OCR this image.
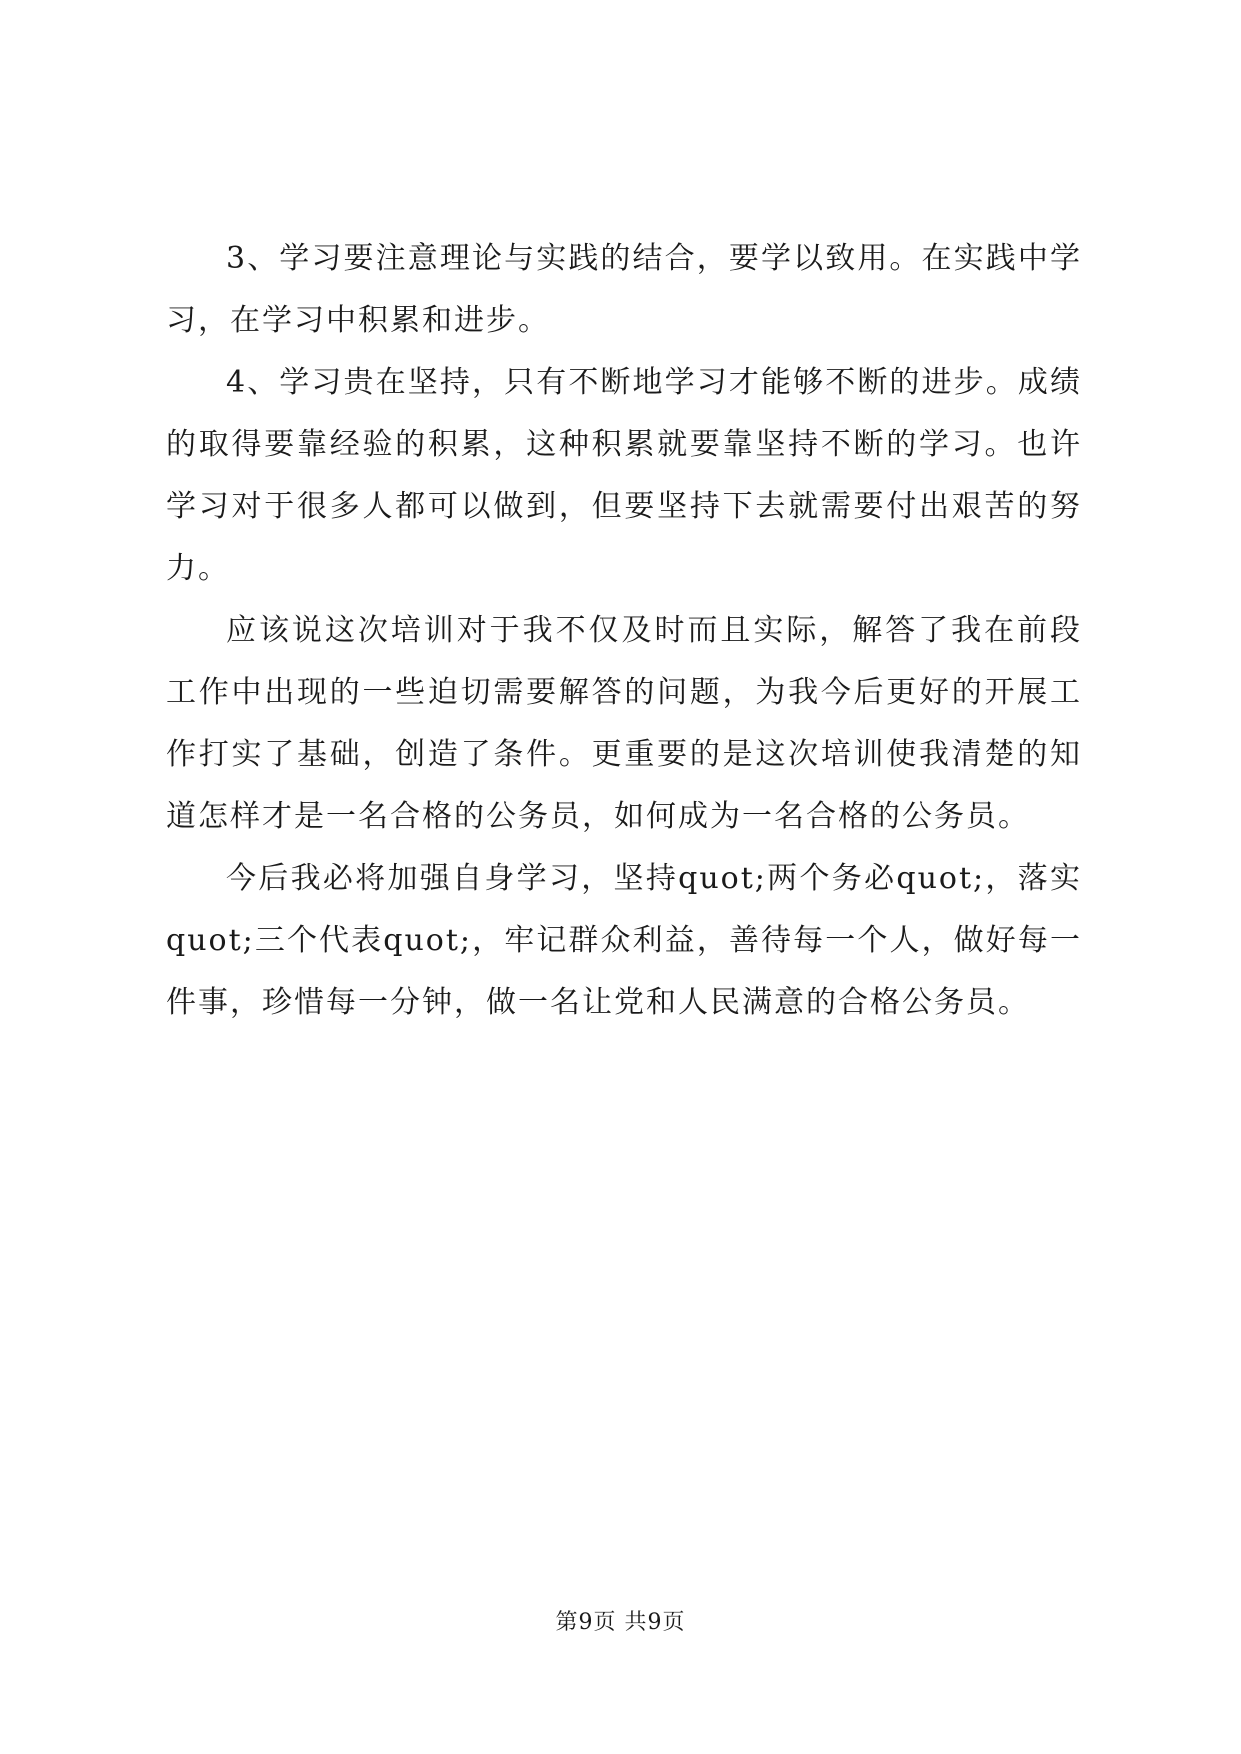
3、学习要注意理论与实践的结合，要学以致用。在实践中学习，在学习中积累和进步。

4、学习贵在坚持，只有不断地学习才能够不断的进步。成绩的取得要靠经验的积累，这种积累就要靠坚持不断的学习。也许学习对于很多人都可以做到，但要坚持下去就需要付出艰苦的努力。

应该说这次培训对于我不仅及时而且实际，解答了我在前段工作中出现的一些迫切需要解答的问题，为我今后更好的开展工作打实了基础，创造了条件。更重要的是这次培训使我清楚的知道怎样才是一名合格的公务员，如何成为一名合格的公务员。

今后我必将加强自身学习，坚持quot;两个务必quot;，落实quot;三个代表quot;，牢记群众利益，善待每一个人，做好每一件事，珍惜每一分钟，做一名让党和人民满意的合格公务员。

第9页 共9页
